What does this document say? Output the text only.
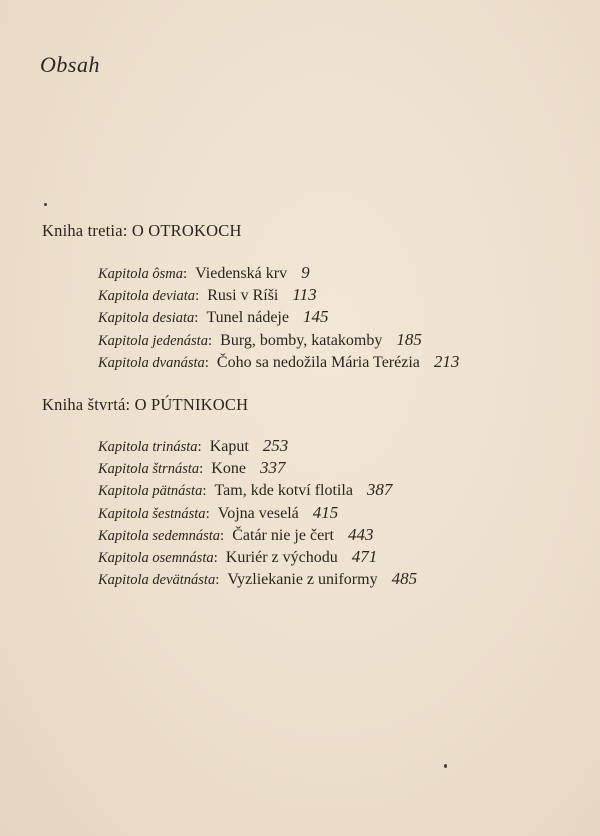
Obsah
Kniha tretia: O OTROKOCH
Kapitola ôsma: Viedenská krv 9
Kapitola deviata: Rusi v Ríši 113
Kapitola desiata: Tunel nádeje 145
Kapitola jedenásta: Burg, bomby, katakomby 185
Kapitola dvanásta: Čoho sa nedožila Mária Terézia 213
Kniha štvrtá: O PÚTNIKOCH
Kapitola trinásta: Kaput 253
Kapitola štrnásta: Kone 337
Kapitola pätnásta: Tam, kde kotví flotila 387
Kapitola šestnásta: Vojna veselá 415
Kapitola sedemnásta: Čatár nie je čert 443
Kapitola osemnásta: Kuriér z východu 471
Kapitola devätnásta: Vyzliekanie z uniformy 485
